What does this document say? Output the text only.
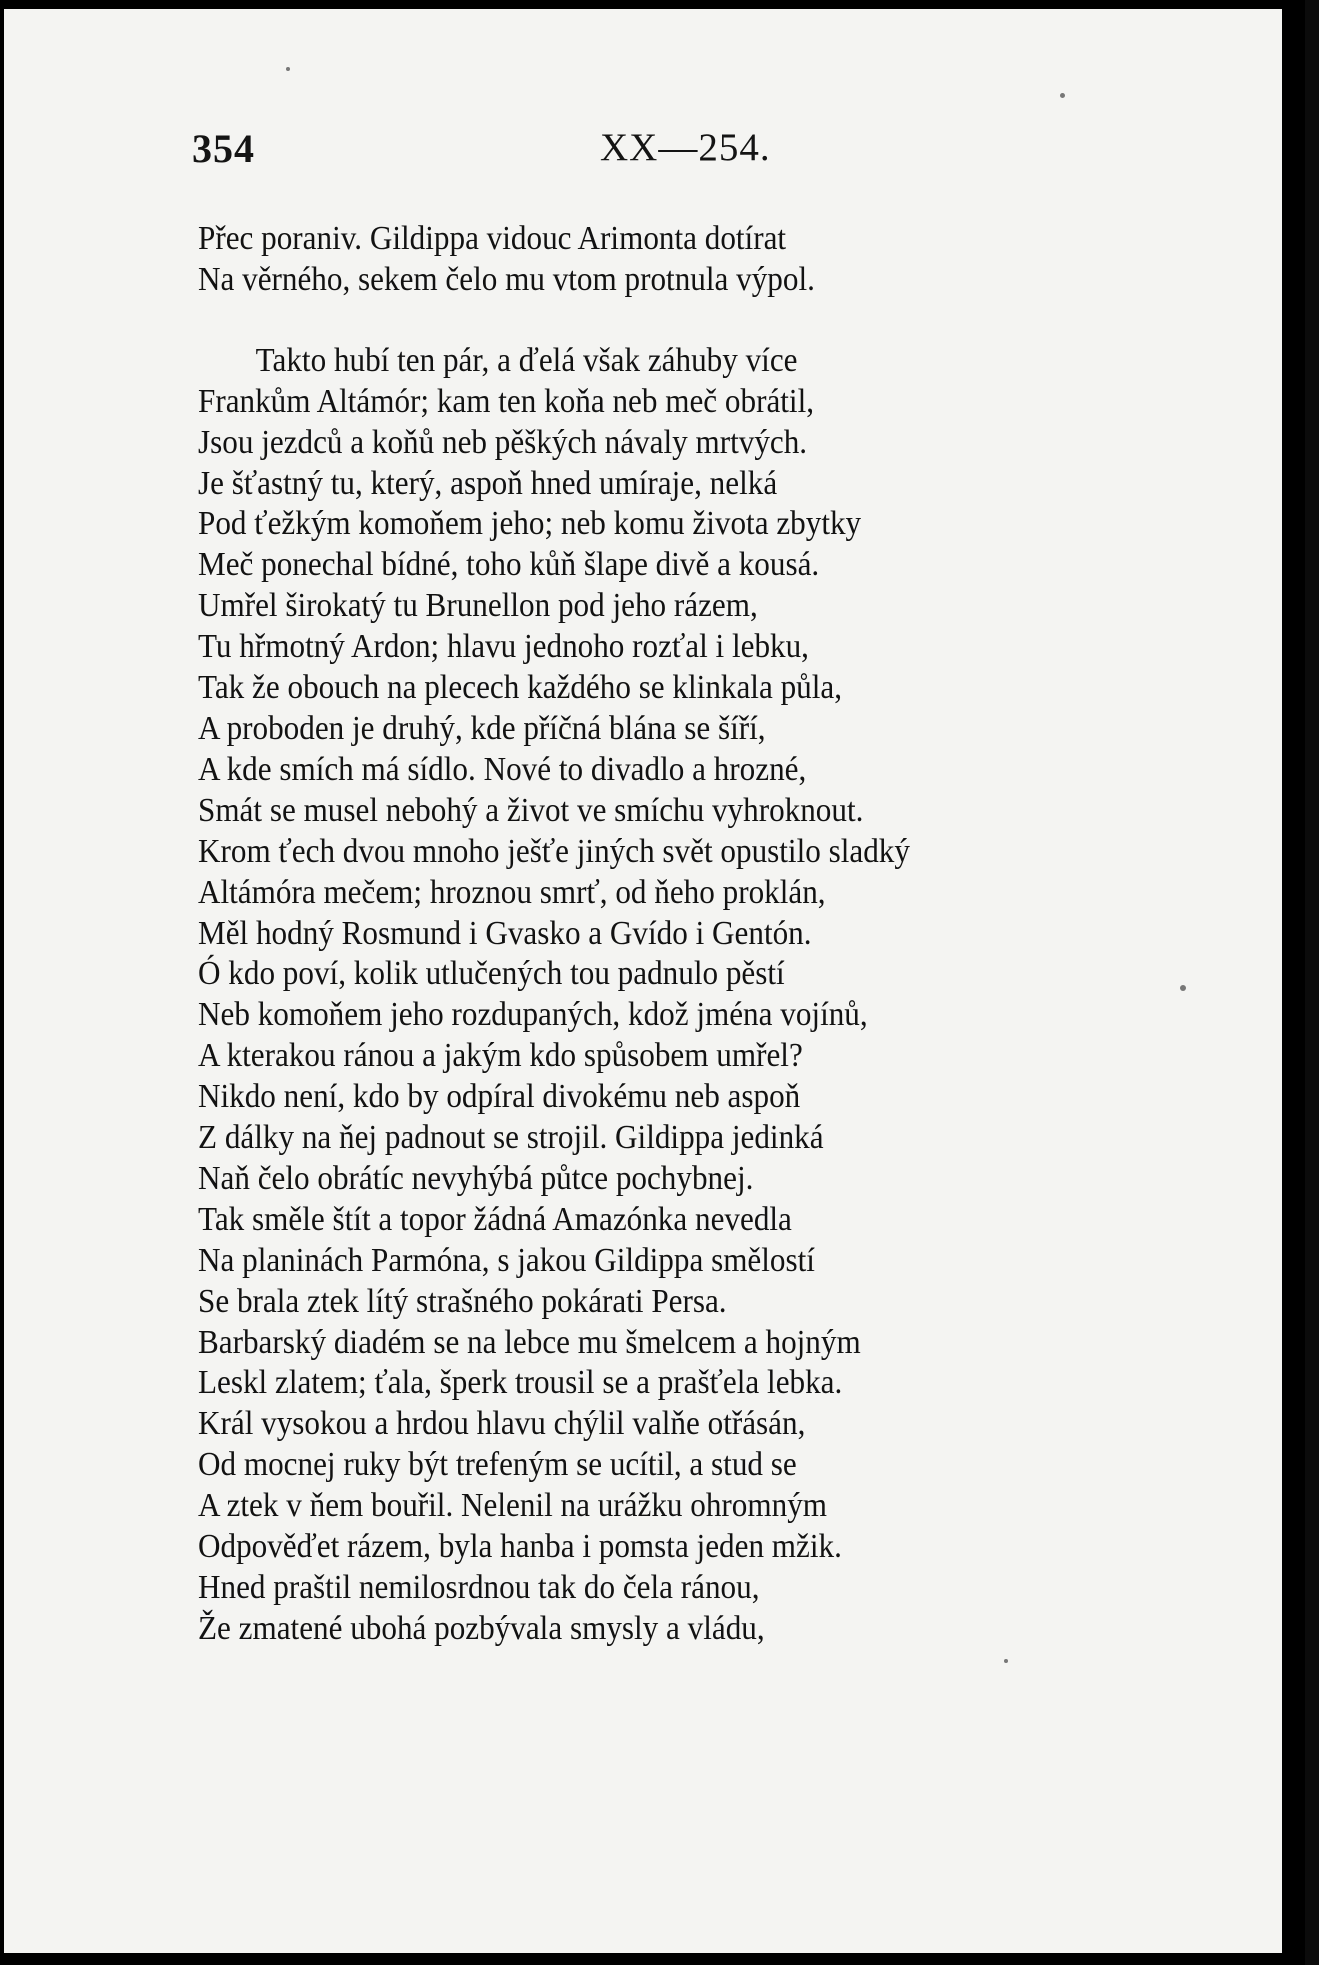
354	XX—254.
Přec poraniv. Gildippa vidouc Arimonta dotírat
Na věrného, sekem čelo mu vtom protnula výpol.
Takto hubí ten pár, a ďelá však záhuby více
Frankům Altámór; kam ten koňa neb meč obrátil,
Jsou jezdců a koňů neb pěškých návaly mrtvých.
Je šťastný tu, který, aspoň hned umíraje, nelká
Pod ťežkým komoňem jeho; neb komu života zbytky
Meč ponechal bídné, toho kůň šlape divě a kousá.
Umřel širokatý tu Brunellon pod jeho rázem,
Tu hřmotný Ardon; hlavu jednoho rozťal i lebku,
Tak že obouch na plecech každého se klinkala půla,
A proboden je druhý, kde příčná blána se šíří,
A kde smích má sídlo. Nové to divadlo a hrozné,
Smát se musel nebohý a život ve smíchu vyhroknout.
Krom ťech dvou mnoho ješťe jiných svět opustilo sladký
Altámóra mečem; hroznou smrť, od ňeho proklán,
Měl hodný Rosmund i Gvasko a Gvído i Gentón.
Ó kdo poví, kolik utlučených tou padnulo pěstí
Neb komoňem jeho rozdupaných, kdož jména vojínů,
A kterakou ránou a jakým kdo spůsobem umřel?
Nikdo není, kdo by odpíral divokému neb aspoň
Z dálky na ňej padnout se strojil. Gildippa jedinká
Naň čelo obrátíc nevyhýbá půtce pochybnej.
Tak směle štít a topor žádná Amazónka nevedla
Na planinách Parmóna, s jakou Gildippa smělostí
Se brala ztek lítý strašného pokárati Persa.
Barbarský diadém se na lebce mu šmelcem a hojným
Leskl zlatem; ťala, šperk trousil se a prašťela lebka.
Král vysokou a hrdou hlavu chýlil valňe otřásán,
Od mocnej ruky být trefeným se ucítil, a stud se
A ztek v ňem bouřil. Nelenil na urážku ohromným
Odpověďet rázem, byla hanba i pomsta jeden mžik.
Hned praštil nemilosrdnou tak do čela ránou,
Že zmatené ubohá pozbývala smysly a vládu,
